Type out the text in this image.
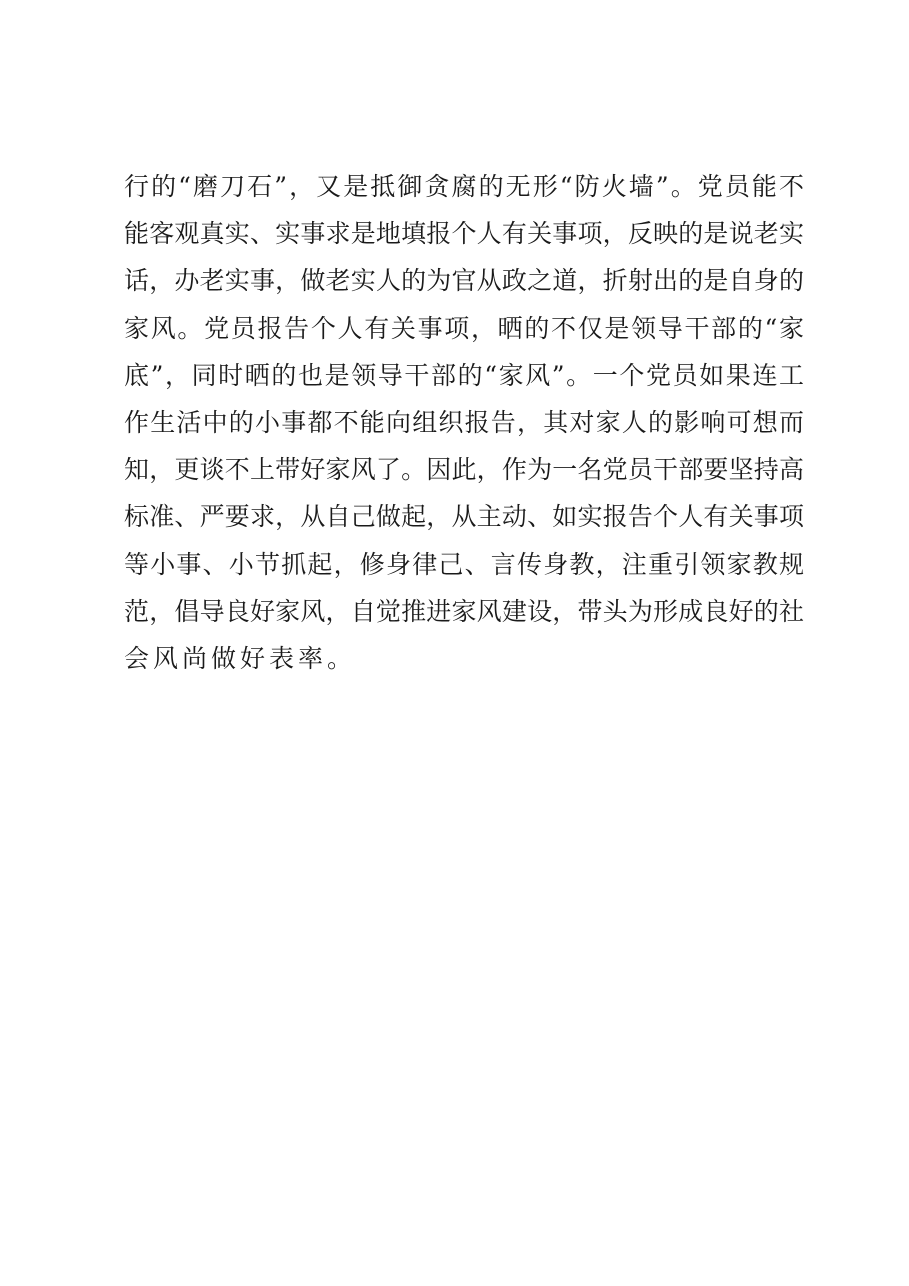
行的“磨刀石”，又是抵御贪腐的无形“防火墙”。党员能不
能客观真实、实事求是地填报个人有关事项，反映的是说老实
话，办老实事，做老实人的为官从政之道，折射出的是自身的
家风。党员报告个人有关事项，晒的不仅是领导干部的“家
底”，同时晒的也是领导干部的“家风”。一个党员如果连工
作生活中的小事都不能向组织报告，其对家人的影响可想而
知，更谈不上带好家风了。因此，作为一名党员干部要坚持高
标准、严要求，从自己做起，从主动、如实报告个人有关事项
等小事、小节抓起，修身律己、言传身教，注重引领家教规
范，倡导良好家风，自觉推进家风建设，带头为形成良好的社
会风尚做好表率。
